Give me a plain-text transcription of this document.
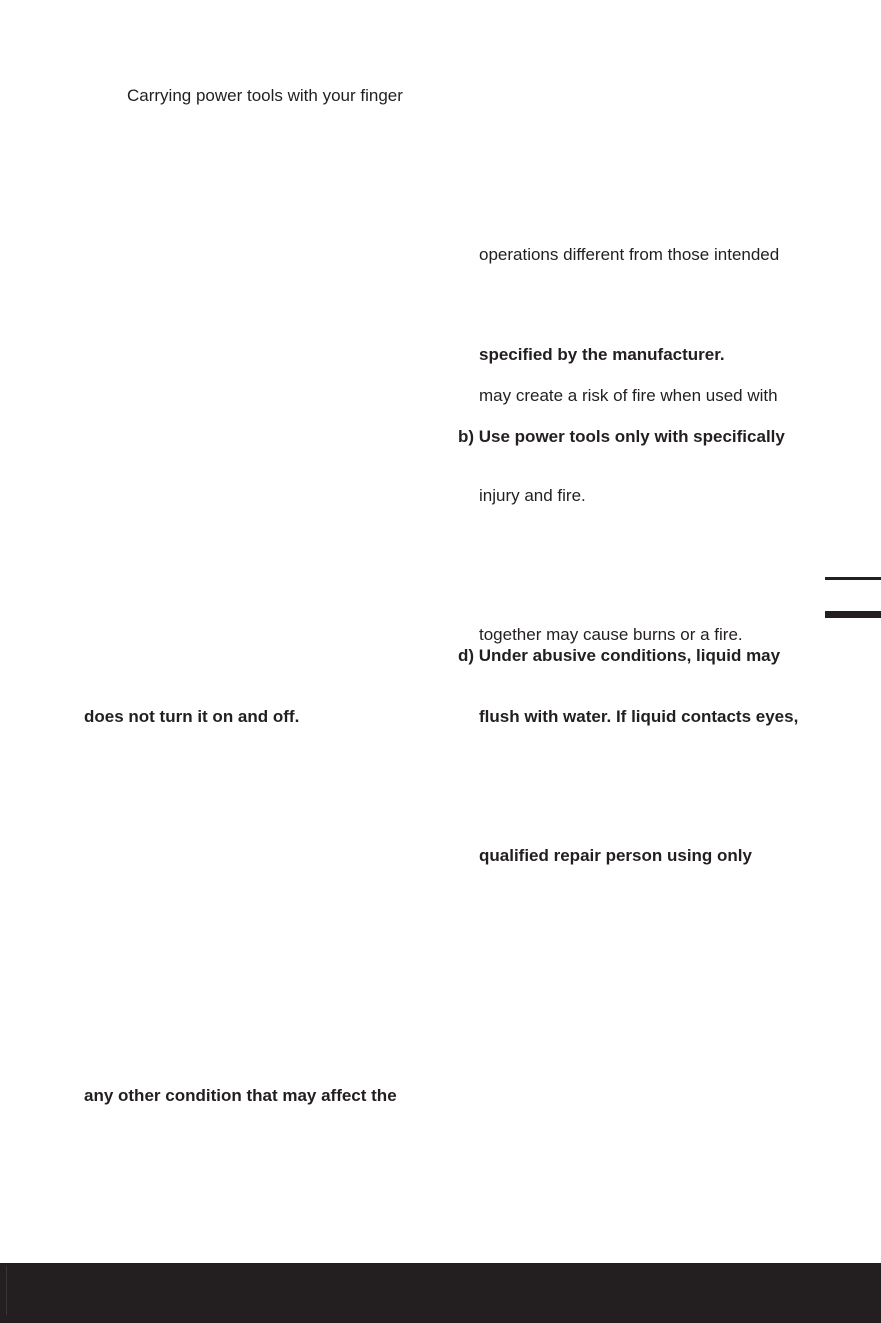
Carrying power tools with your finger

does not turn it on and off.

any other condition that may affect the

operations different from those intended

specified by the manufacturer.

may create a risk of fire when used with

b) Use power tools only with specifically

injury and fire.

together may cause burns or a fire.

d) Under abusive conditions, liquid may

flush with water. If liquid contacts eyes,

qualified repair person using only
